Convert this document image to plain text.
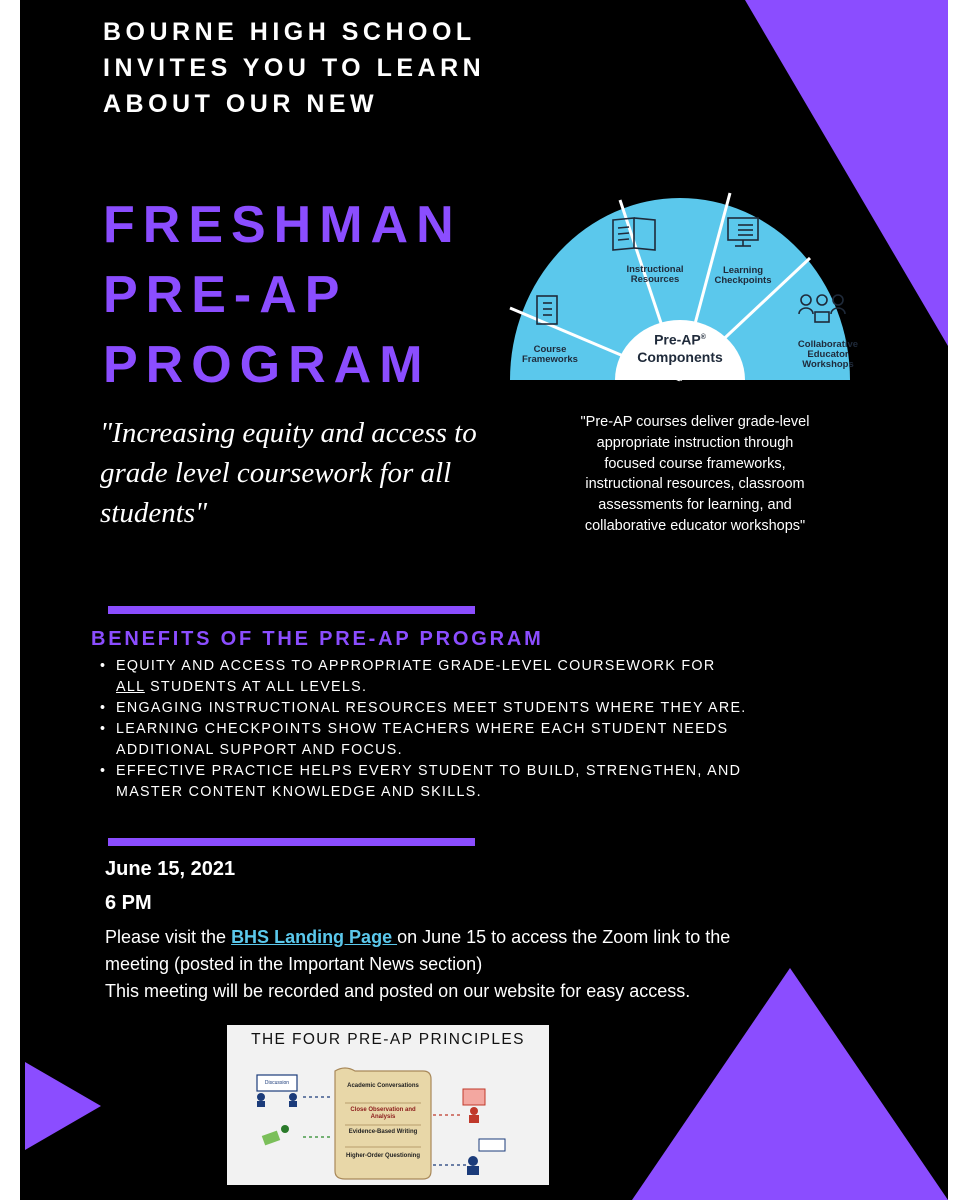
BOURNE HIGH SCHOOL
INVITES YOU TO LEARN
ABOUT OUR NEW
FRESHMAN
PRE-AP
PROGRAM	Course
Frameworks
Instructional
Resources
Learning
Checkpoints
Collaborative
Educator
Workshops
Pre-AP®
Components
"Increasing equity and access to grade level coursework for all students"
"Pre-AP courses deliver grade-level appropriate instruction through focused course frameworks, instructional resources, classroom assessments for learning, and collaborative educator workshops"
BENEFITS OF THE PRE-AP PROGRAM
• EQUITY AND ACCESS TO APPROPRIATE GRADE-LEVEL COURSEWORK FOR ALL STUDENTS AT ALL LEVELS.
• ENGAGING INSTRUCTIONAL RESOURCES MEET STUDENTS WHERE THEY ARE.
• LEARNING CHECKPOINTS SHOW TEACHERS WHERE EACH STUDENT NEEDS ADDITIONAL SUPPORT AND FOCUS.
• EFFECTIVE PRACTICE HELPS EVERY STUDENT TO BUILD, STRENGTHEN, AND MASTER CONTENT KNOWLEDGE AND SKILLS.
June 15, 2021
6 PM
Please visit the BHS Landing Page on June 15 to access the Zoom link to the meeting (posted in the Important News section)
This meeting will be recorded and posted on our website for easy access.
THE FOUR PRE-AP PRINCIPLES
Discussion	Academic Conversations
Close Observation and Analysis
Evidence-Based Writing
Higher-Order Questioning
